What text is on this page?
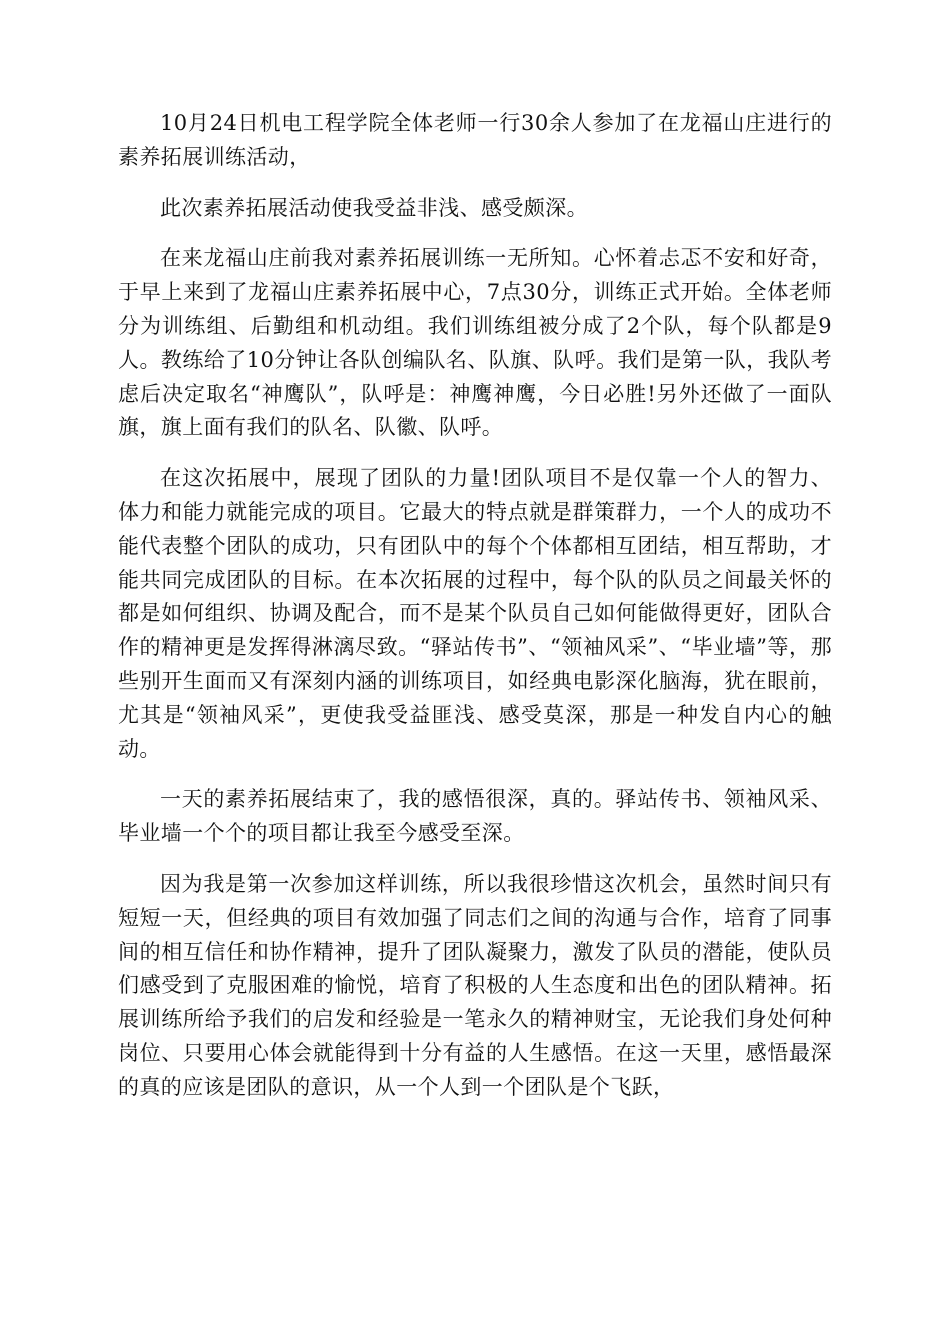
10月24日机电工程学院全体老师一行30余人参加了在龙福山庄进行的素养拓展训练活动，

此次素养拓展活动使我受益非浅、感受颇深。

在来龙福山庄前我对素养拓展训练一无所知。心怀着忐忑不安和好奇，于早上来到了龙福山庄素养拓展中心，7点30分，训练正式开始。全体老师分为训练组、后勤组和机动组。我们训练组被分成了2个队，每个队都是9人。教练给了10分钟让各队创编队名、队旗、队呼。我们是第一队，我队考虑后决定取名“神鹰队”，队呼是：神鹰神鹰，今日必胜!另外还做了一面队旗，旗上面有我们的队名、队徽、队呼。

在这次拓展中，展现了团队的力量!团队项目不是仅靠一个人的智力、体力和能力就能完成的项目。它最大的特点就是群策群力，一个人的成功不能代表整个团队的成功，只有团队中的每个个体都相互团结，相互帮助，才能共同完成团队的目标。在本次拓展的过程中，每个队的队员之间最关怀的都是如何组织、协调及配合，而不是某个队员自己如何能做得更好，团队合作的精神更是发挥得淋漓尽致。“驿站传书”、“领袖风采”、“毕业墙”等，那些别开生面而又有深刻内涵的训练项目，如经典电影深化脑海，犹在眼前，尤其是“领袖风采”，更使我受益匪浅、感受莫深，那是一种发自内心的触动。

一天的素养拓展结束了，我的感悟很深，真的。驿站传书、领袖风采、毕业墙一个个的项目都让我至今感受至深。

因为我是第一次参加这样训练，所以我很珍惜这次机会，虽然时间只有短短一天，但经典的项目有效加强了同志们之间的沟通与合作，培育了同事间的相互信任和协作精神，提升了团队凝聚力，激发了队员的潜能，使队员们感受到了克服困难的愉悦，培育了积极的人生态度和出色的团队精神。拓展训练所给予我们的启发和经验是一笔永久的精神财宝，无论我们身处何种岗位、只要用心体会就能得到十分有益的人生感悟。在这一天里，感悟最深的真的应该是团队的意识，从一个人到一个团队是个飞跃，
